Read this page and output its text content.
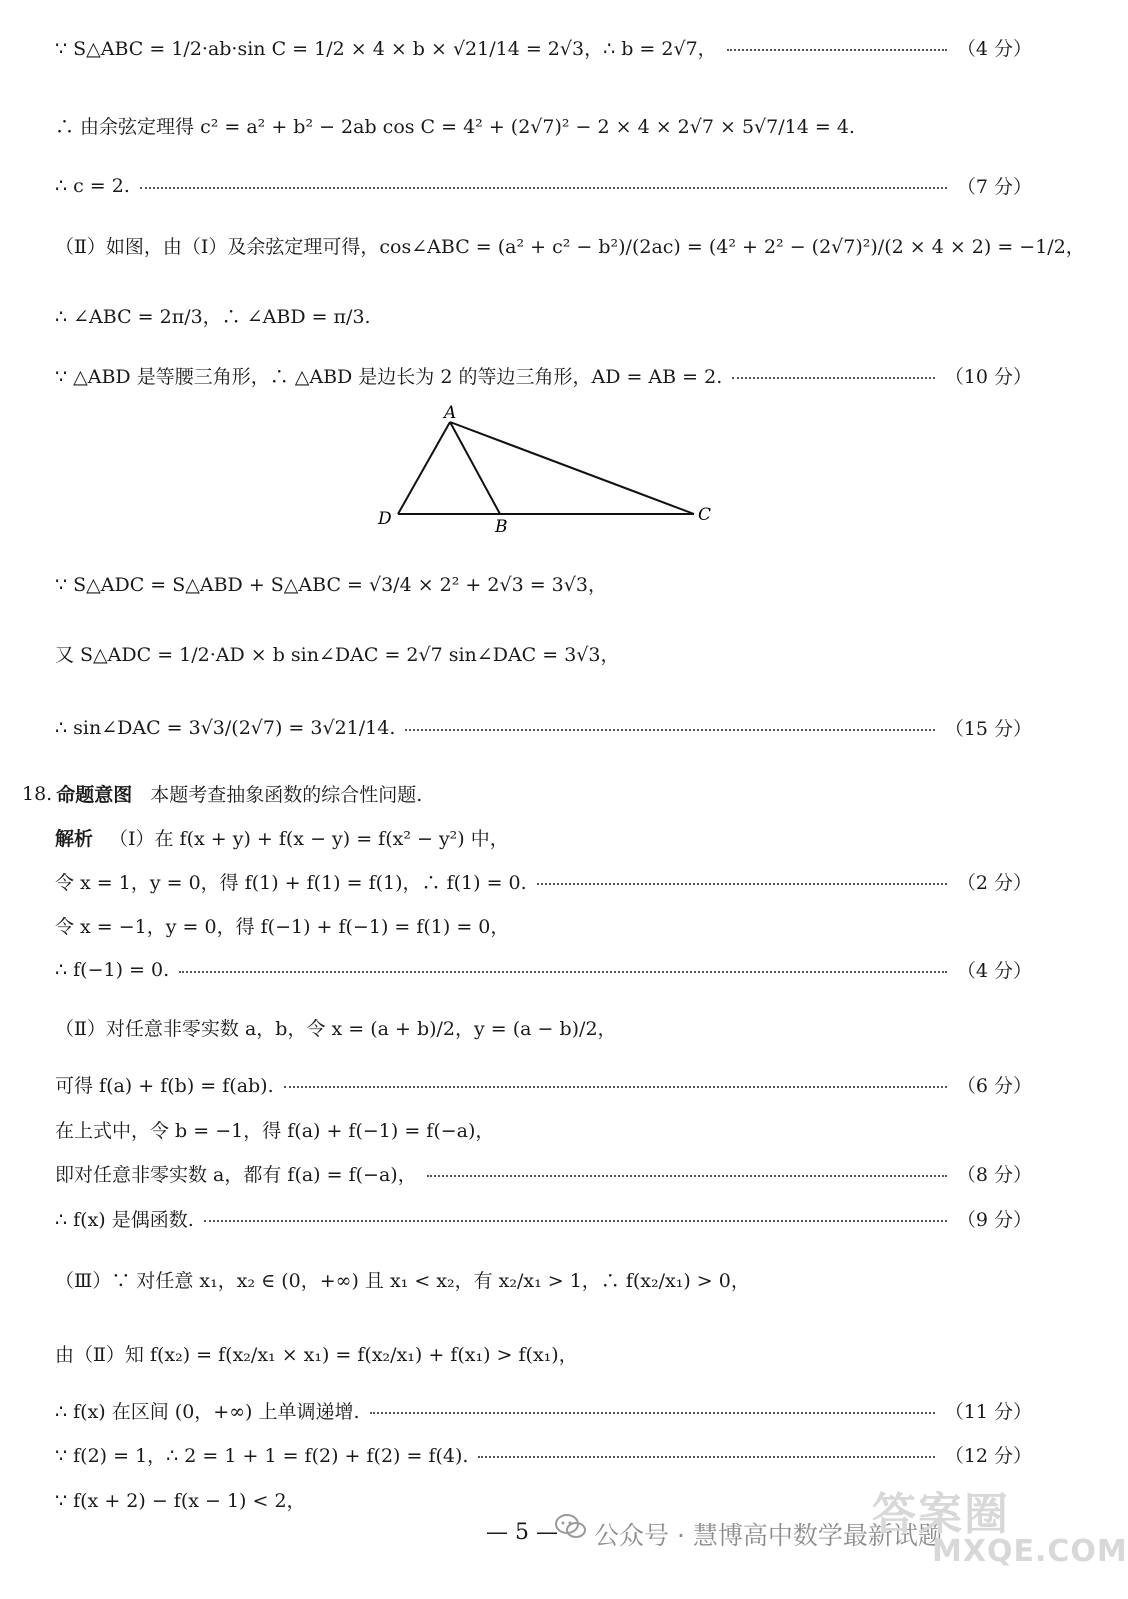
∵ S△ABC = 1/2·ab·sin C = 1/2 × 4 × b × √21/14 = 2√3，∴ b = 2√7，	（4 分）
∴ 由余弦定理得 c² = a² + b² − 2ab cos C = 4² + (2√7)² − 2 × 4 × 2√7 × 5√7/14 = 4.
∴ c = 2.	（7 分）
（Ⅱ）如图，由（Ⅰ）及余弦定理可得，cos∠ABC = (a² + c² − b²)/(2ac) = (4² + 2² − (2√7)²)/(2 × 4 × 2) = −1/2，
∴ ∠ABC = 2π/3，∴ ∠ABD = π/3.
∵ △ABD 是等腰三角形，∴ △ABD 是边长为 2 的等边三角形，AD = AB = 2.	（10 分）
A
D	B
C
∵ S△ADC = S△ABD + S△ABC = √3/4 × 2² + 2√3 = 3√3，
又 S△ADC = 1/2·AD × b sin∠DAC = 2√7 sin∠DAC = 3√3，
∴ sin∠DAC = 3√3/(2√7) = 3√21/14.	（15 分）
18. 命题意图 本题考查抽象函数的综合性问题.
解析 （Ⅰ）在 f(x + y) + f(x − y) = f(x² − y²) 中，
令 x = 1，y = 0，得 f(1) + f(1) = f(1)，∴ f(1) = 0.	（2 分）
令 x = −1，y = 0，得 f(−1) + f(−1) = f(1) = 0，
∴ f(−1) = 0.	（4 分）
（Ⅱ）对任意非零实数 a，b，令 x = (a + b)/2，y = (a − b)/2，
可得 f(a) + f(b) = f(ab).	（6 分）
在上式中，令 b = −1，得 f(a) + f(−1) = f(−a)，
即对任意非零实数 a，都有 f(a) = f(−a)，	（8 分）
∴ f(x) 是偶函数.	（9 分）
（Ⅲ）∵ 对任意 x₁，x₂ ∈ (0，+∞) 且 x₁ < x₂，有 x₂/x₁ > 1，∴ f(x₂/x₁) > 0，
由（Ⅱ）知 f(x₂) = f(x₂/x₁ × x₁) = f(x₂/x₁) + f(x₁) > f(x₁)，
∴ f(x) 在区间 (0，+∞) 上单调递增.	（11 分）
∵ f(2) = 1，∴ 2 = 1 + 1 = f(2) + f(2) = f(4).	（12 分）
∵ f(x + 2) − f(x − 1) < 2，
— 5 — 公众号 · 慧博高中数学最新试题
答案圈
MXQE.COM
